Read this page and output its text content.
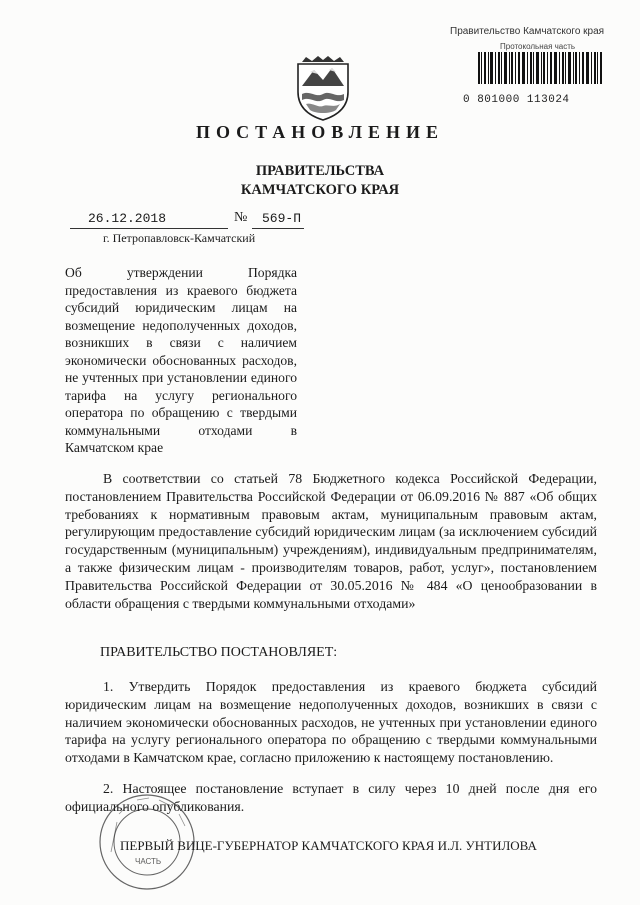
Правительство Камчатского края
Протокольная часть
0 801000 113024
ПОСТАНОВЛЕНИЕ
ПРАВИТЕЛЬСТВА
КАМЧАТСКОГО КРАЯ
26.12.2018	№ 569-П
г. Петропавловск-Камчатский
Об утверждении Порядка предоставления из краевого бюджета субсидий юридическим лицам на возмещение недополученных доходов, возникших в связи с наличием экономически обоснованных расходов, не учтенных при установлении единого тарифа на услугу регионального оператора по обращению с твердыми коммунальными отходами в Камчатском крае
В соответствии со статьей 78 Бюджетного кодекса Российской Федерации, постановлением Правительства Российской Федерации от 06.09.2016 № 887 «Об общих требованиях к нормативным правовым актам, муниципальным правовым актам, регулирующим предоставление субсидий юридическим лицам (за исключением субсидий государственным (муниципальным) учреждениям), индивидуальным предпринимателям, а также физическим лицам - производителям товаров, работ, услуг», постановлением Правительства Российской Федерации от 30.05.2016 № 484 «О ценообразовании в области обращения с твердыми коммунальными отходами»
ПРАВИТЕЛЬСТВО ПОСТАНОВЛЯЕТ:
1. Утвердить Порядок предоставления из краевого бюджета субсидий юридическим лицам на возмещение недополученных доходов, возникших в связи с наличием экономически обоснованных расходов, не учтенных при установлении единого тарифа на услугу регионального оператора по обращению с твердыми коммунальными отходами в Камчатском крае, согласно приложению к настоящему постановлению.
2. Настоящее постановление вступает в силу через 10 дней после дня его официального опубликования.
ЧАСТЬ
ПЕРВЫЙ ВИЦЕ-ГУБЕРНАТОР КАМЧАТСКОГО КРАЯ И.Л. УНТИЛОВА
